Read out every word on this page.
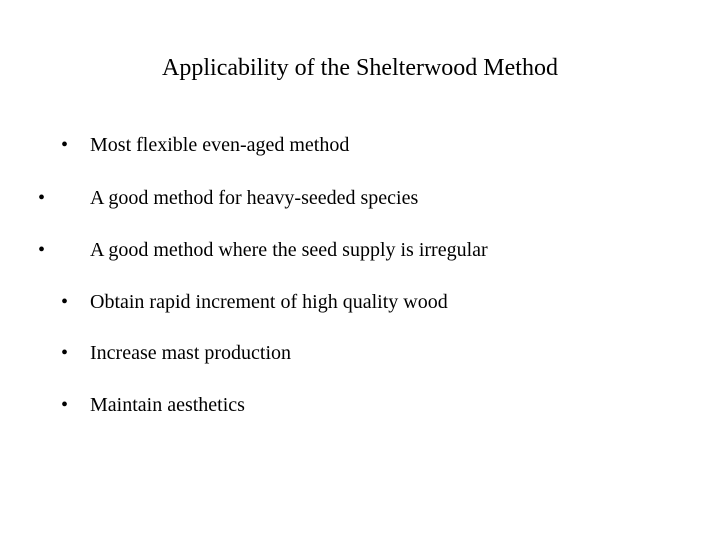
Applicability of the Shelterwood Method
• Most flexible even-aged method
• A good method for heavy-seeded species
• A good method where the seed supply is irregular
• Obtain rapid increment of high quality wood
• Increase mast production
• Maintain aesthetics
